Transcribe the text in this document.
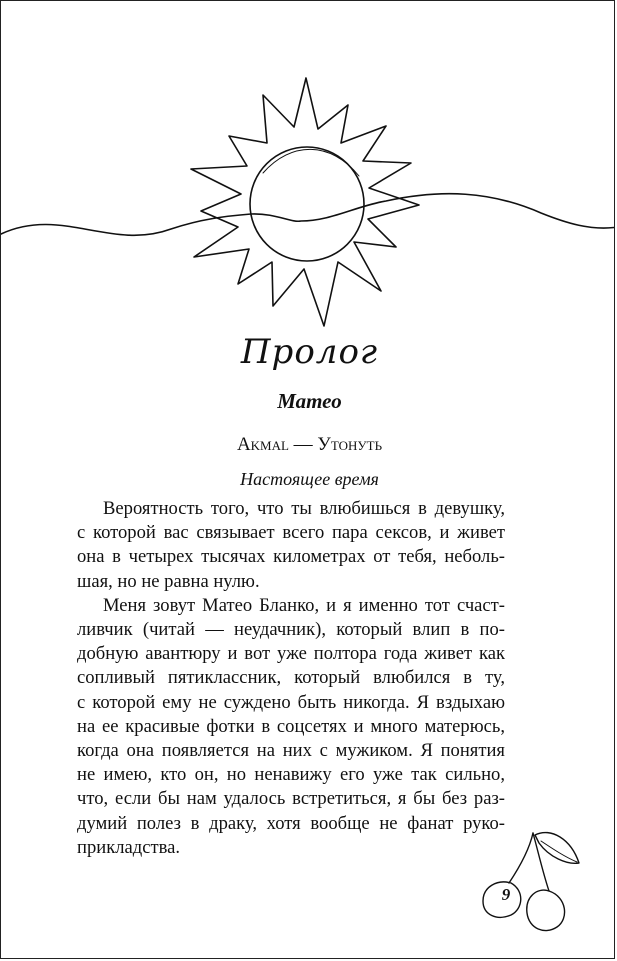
Пролог
Матео
Akmal — Утонуть
Настоящее время
Вероятность того, что ты влюбишься в девушку,
с которой вас связывает всего пара сексов, и живет
она в четырех тысячах километрах от тебя, неболь-
шая, но не равна нулю.
Меня зовут Матео Бланко, и я именно тот счаст-
ливчик (читай — неудачник), который влип в по-
добную авантюру и вот уже полтора года живет как
сопливый пятиклассник, который влюбился в ту,
с которой ему не суждено быть никогда. Я вздыхаю
на ее красивые фотки в соцсетях и много матерюсь,
когда она появляется на них с мужиком. Я понятия
не имею, кто он, но ненавижу его уже так сильно,
что, если бы нам удалось встретиться, я бы без раз-
думий полез в драку, хотя вообще не фанат руко-
прикладства.
9
